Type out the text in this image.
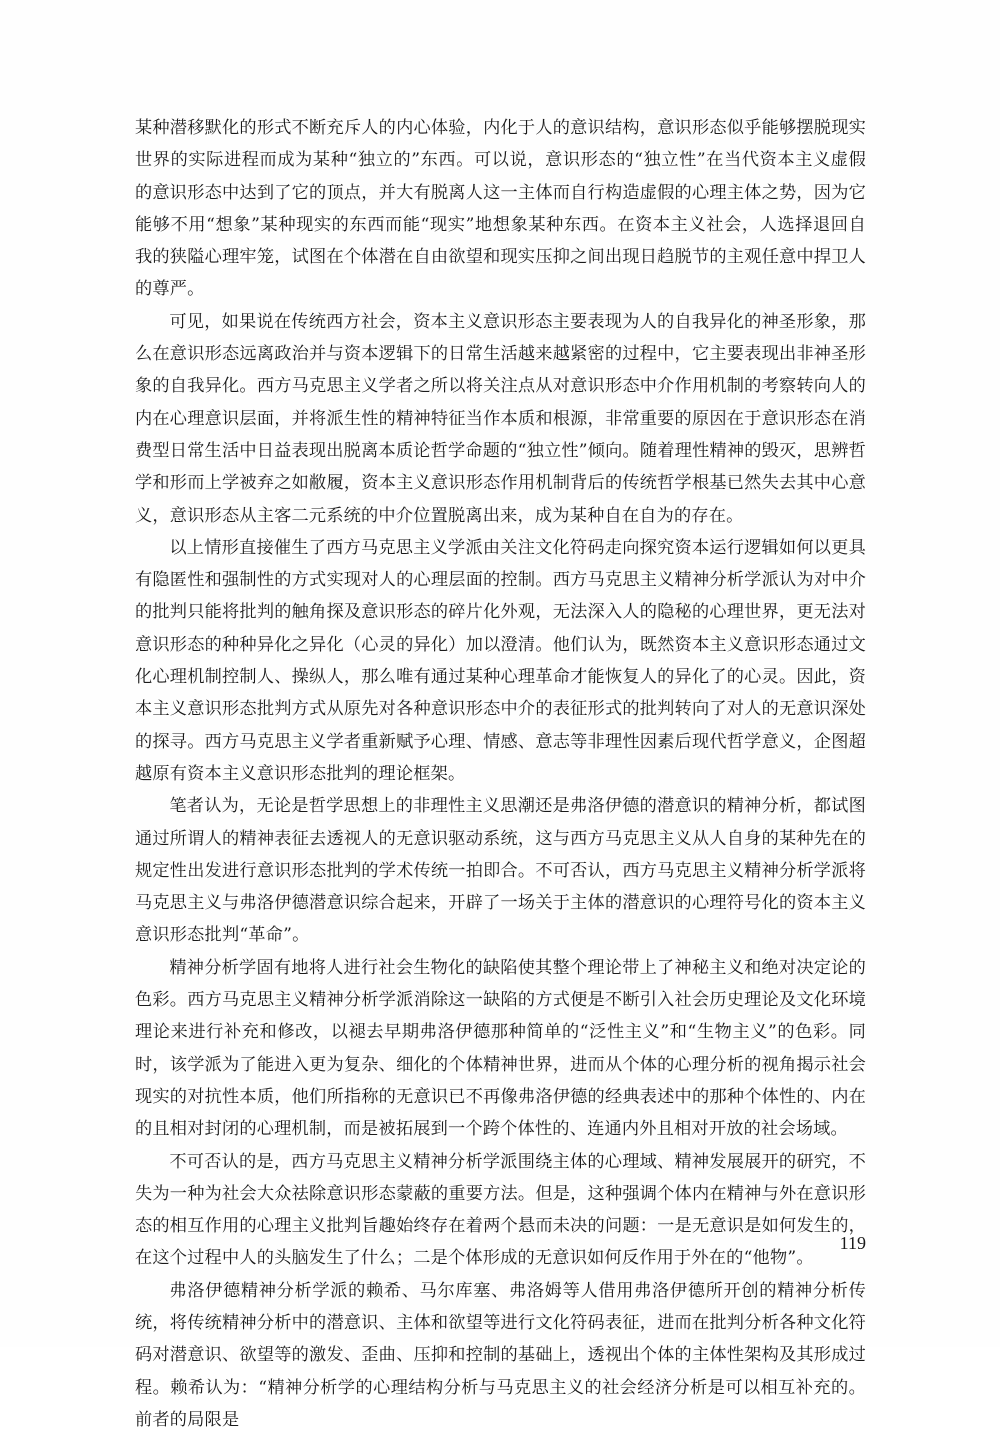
某种潜移默化的形式不断充斥人的内心体验，内化于人的意识结构，意识形态似乎能够摆脱现实世界的实际进程而成为某种“独立的”东西。可以说，意识形态的“独立性”在当代资本主义虚假的意识形态中达到了它的顶点，并大有脱离人这一主体而自行构造虚假的心理主体之势，因为它能够不用“想象”某种现实的东西而能“现实”地想象某种东西。在资本主义社会，人选择退回自我的狭隘心理牢笼，试图在个体潜在自由欲望和现实压抑之间出现日趋脱节的主观任意中捍卫人的尊严。

可见，如果说在传统西方社会，资本主义意识形态主要表现为人的自我异化的神圣形象，那么在意识形态远离政治并与资本逻辑下的日常生活越来越紧密的过程中，它主要表现出非神圣形象的自我异化。西方马克思主义学者之所以将关注点从对意识形态中介作用机制的考察转向人的内在心理意识层面，并将派生性的精神特征当作本质和根源，非常重要的原因在于意识形态在消费型日常生活中日益表现出脱离本质论哲学命题的“独立性”倾向。随着理性精神的毁灭，思辨哲学和形而上学被弃之如敝履，资本主义意识形态作用机制背后的传统哲学根基已然失去其中心意义，意识形态从主客二元系统的中介位置脱离出来，成为某种自在自为的存在。

以上情形直接催生了西方马克思主义学派由关注文化符码走向探究资本运行逻辑如何以更具有隐匿性和强制性的方式实现对人的心理层面的控制。西方马克思主义精神分析学派认为对中介的批判只能将批判的触角探及意识形态的碎片化外观，无法深入人的隐秘的心理世界，更无法对意识形态的种种异化之异化（心灵的异化）加以澄清。他们认为，既然资本主义意识形态通过文化心理机制控制人、操纵人，那么唯有通过某种心理革命才能恢复人的异化了的心灵。因此，资本主义意识形态批判方式从原先对各种意识形态中介的表征形式的批判转向了对人的无意识深处的探寻。西方马克思主义学者重新赋予心理、情感、意志等非理性因素后现代哲学意义，企图超越原有资本主义意识形态批判的理论框架。

笔者认为，无论是哲学思想上的非理性主义思潮还是弗洛伊德的潜意识的精神分析，都试图通过所谓人的精神表征去透视人的无意识驱动系统，这与西方马克思主义从人自身的某种先在的规定性出发进行意识形态批判的学术传统一拍即合。不可否认，西方马克思主义精神分析学派将马克思主义与弗洛伊德潜意识综合起来，开辟了一场关于主体的潜意识的心理符号化的资本主义意识形态批判“革命”。

精神分析学固有地将人进行社会生物化的缺陷使其整个理论带上了神秘主义和绝对决定论的色彩。西方马克思主义精神分析学派消除这一缺陷的方式便是不断引入社会历史理论及文化环境理论来进行补充和修改，以褪去早期弗洛伊德那种简单的“泛性主义”和“生物主义”的色彩。同时，该学派为了能进入更为复杂、细化的个体精神世界，进而从个体的心理分析的视角揭示社会现实的对抗性本质，他们所指称的无意识已不再像弗洛伊德的经典表述中的那种个体性的、内在的且相对封闭的心理机制，而是被拓展到一个跨个体性的、连通内外且相对开放的社会场域。

不可否认的是，西方马克思主义精神分析学派围绕主体的心理域、精神发展展开的研究，不失为一种为社会大众祛除意识形态蒙蔽的重要方法。但是，这种强调个体内在精神与外在意识形态的相互作用的心理主义批判旨趣始终存在着两个悬而未决的问题：一是无意识是如何发生的，在这个过程中人的头脑发生了什么；二是个体形成的无意识如何反作用于外在的“他物”。

弗洛伊德精神分析学派的赖希、马尔库塞、弗洛姆等人借用弗洛伊德所开创的精神分析传统，将传统精神分析中的潜意识、主体和欲望等进行文化符码表征，进而在批判分析各种文化符码对潜意识、欲望等的激发、歪曲、压抑和控制的基础上，透视出个体的主体性架构及其形成过程。赖希认为：“精神分析学的心理结构分析与马克思主义的社会经济分析是可以相互补充的。前者的局限是

119
